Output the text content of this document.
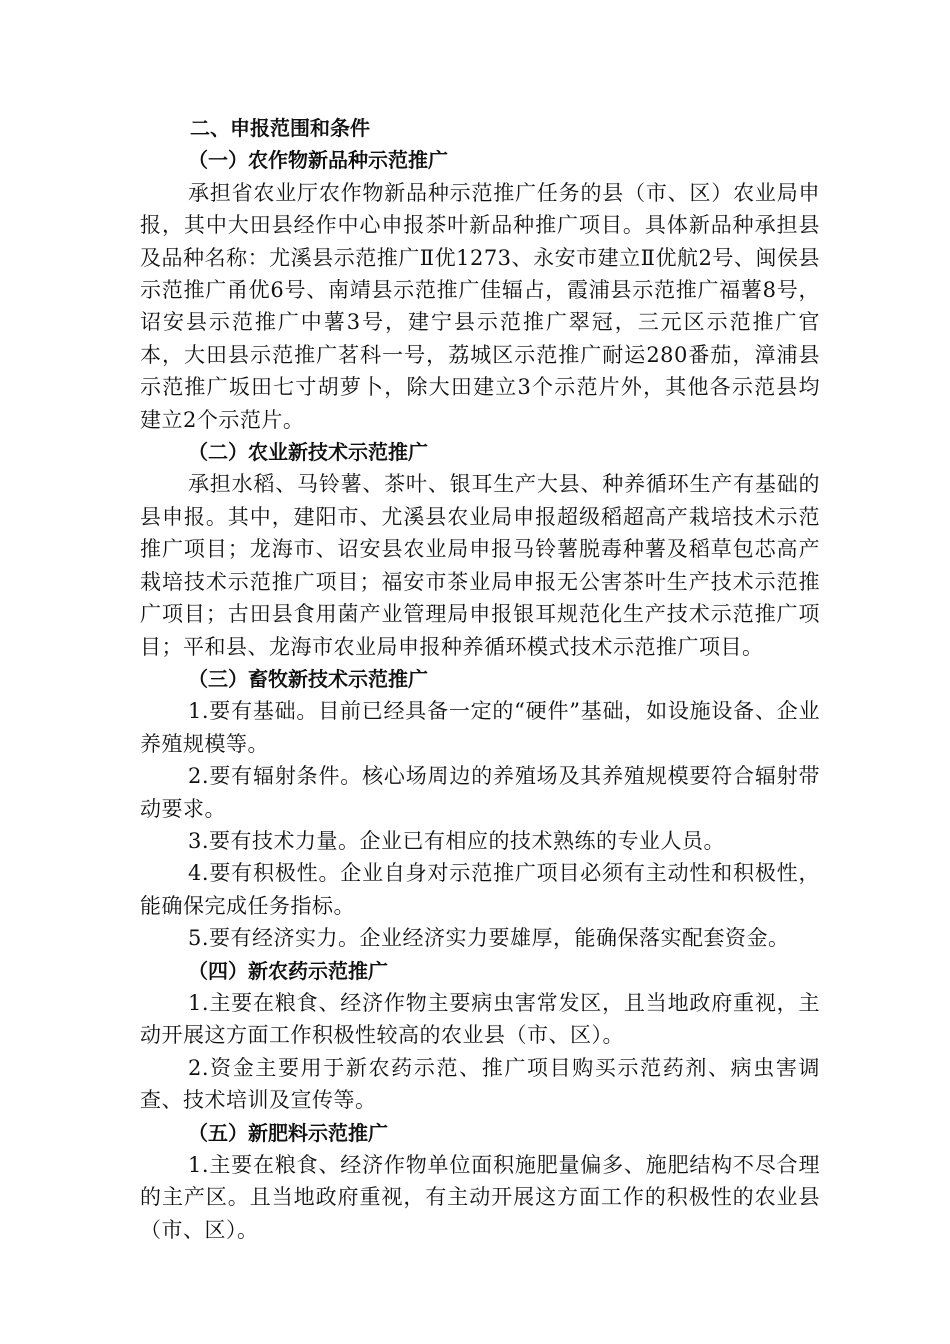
二、申报范围和条件

（一）农作物新品种示范推广

承担省农业厅农作物新品种示范推广任务的县（市、区）农业局申报，其中大田县经作中心申报茶叶新品种推广项目。具体新品种承担县及品种名称：尤溪县示范推广Ⅱ优1273、永安市建立Ⅱ优航2号、闽侯县示范推广甬优6号、南靖县示范推广佳辐占，霞浦县示范推广福薯8号，诏安县示范推广中薯3号，建宁县示范推广翠冠，三元区示范推广官本，大田县示范推广茗科一号，荔城区示范推广耐运280番茄，漳浦县示范推广坂田七寸胡萝卜，除大田建立3个示范片外，其他各示范县均建立2个示范片。

（二）农业新技术示范推广

承担水稻、马铃薯、茶叶、银耳生产大县、种养循环生产有基础的县申报。其中，建阳市、尤溪县农业局申报超级稻超高产栽培技术示范推广项目；龙海市、诏安县农业局申报马铃薯脱毒种薯及稻草包芯高产栽培技术示范推广项目；福安市茶业局申报无公害茶叶生产技术示范推广项目；古田县食用菌产业管理局申报银耳规范化生产技术示范推广项目；平和县、龙海市农业局申报种养循环模式技术示范推广项目。

（三）畜牧新技术示范推广

1.要有基础。目前已经具备一定的“硬件”基础，如设施设备、企业养殖规模等。

2.要有辐射条件。核心场周边的养殖场及其养殖规模要符合辐射带动要求。

3.要有技术力量。企业已有相应的技术熟练的专业人员。

4.要有积极性。企业自身对示范推广项目必须有主动性和积极性，能确保完成任务指标。

5.要有经济实力。企业经济实力要雄厚，能确保落实配套资金。

（四）新农药示范推广

1.主要在粮食、经济作物主要病虫害常发区，且当地政府重视，主动开展这方面工作积极性较高的农业县（市、区）。

2.资金主要用于新农药示范、推广项目购买示范药剂、病虫害调查、技术培训及宣传等。

（五）新肥料示范推广

1.主要在粮食、经济作物单位面积施肥量偏多、施肥结构不尽合理的主产区。且当地政府重视，有主动开展这方面工作的积极性的农业县（市、区）。
